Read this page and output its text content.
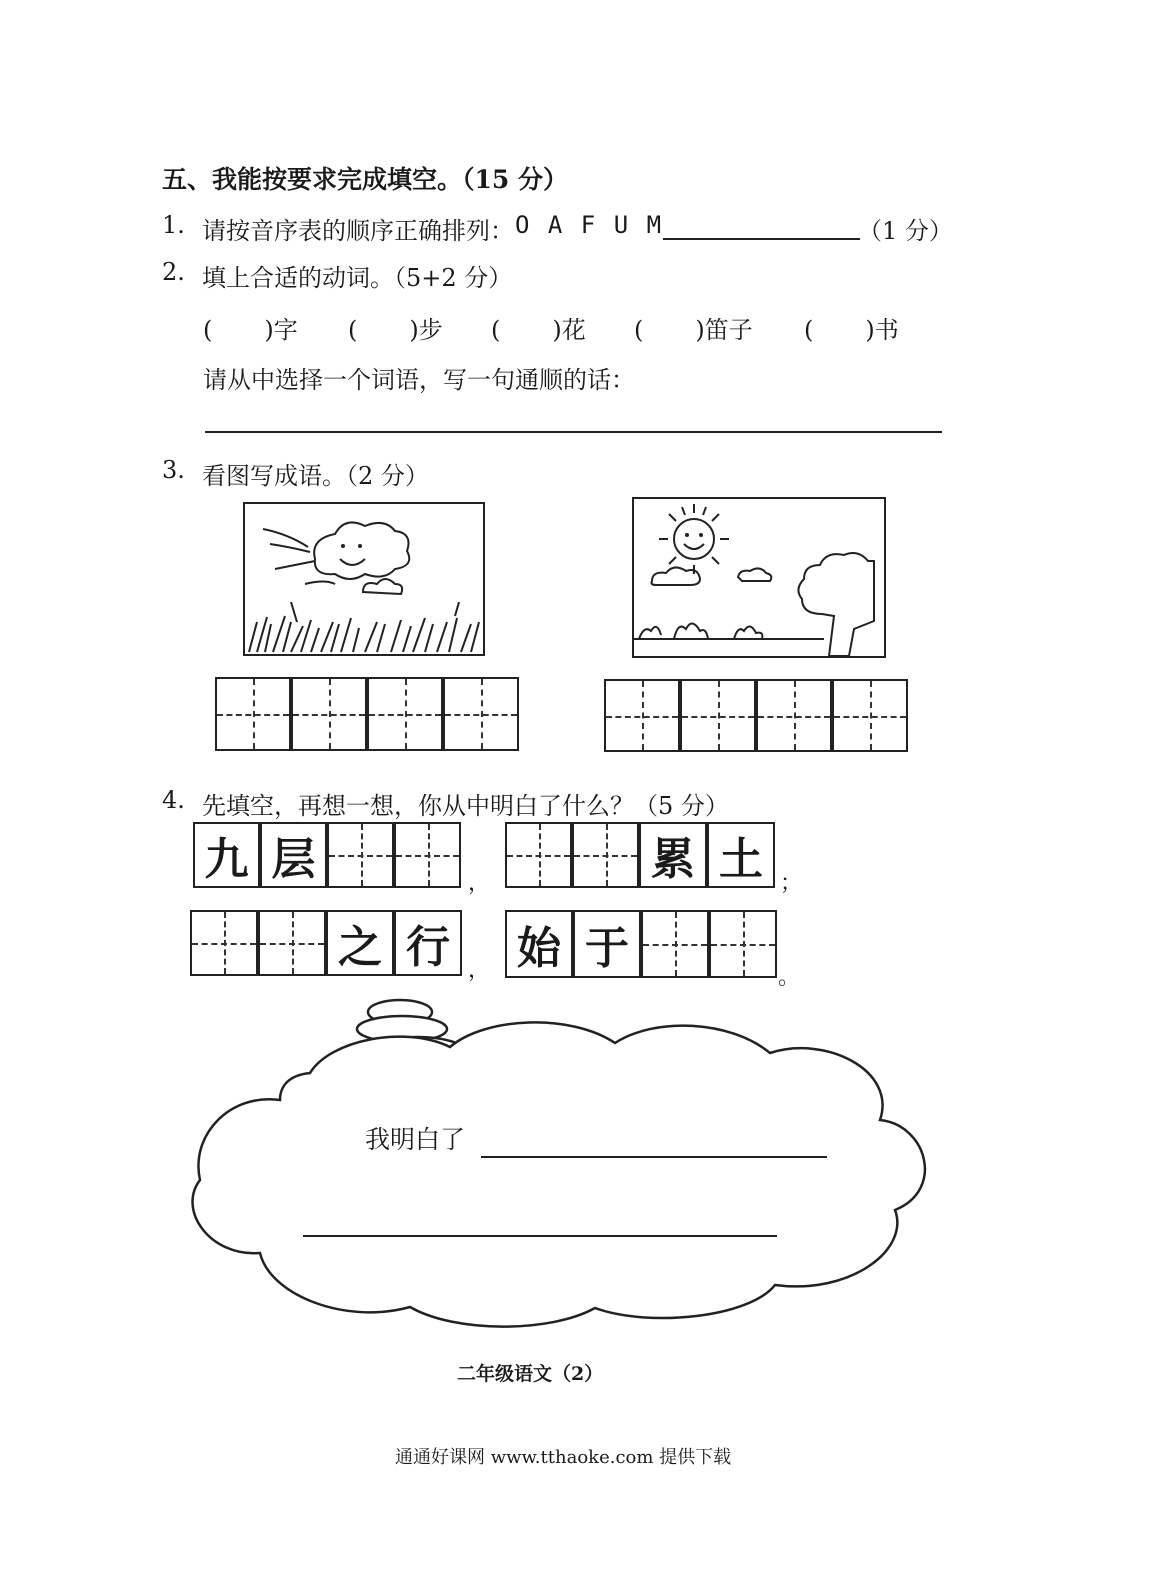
五、我能按要求完成填空。（15 分）
1. 请按音序表的顺序正确排列： O A F U M	（1 分）
2. 填上合适的动词。（5+2 分）
( )字 ( )步 ( )花 ( )笛子 ( )书
请从中选择一个词语，写一句通顺的话：
3. 看图写成语。（2 分）
4. 先填空，再想一想，你从中明白了什么？（5 分）
九 层	，	累 土 ；
之 行 ， 始 于
。
我明白了
二年级语文（2）
通通好课网 www.tthaoke.com 提供下载
